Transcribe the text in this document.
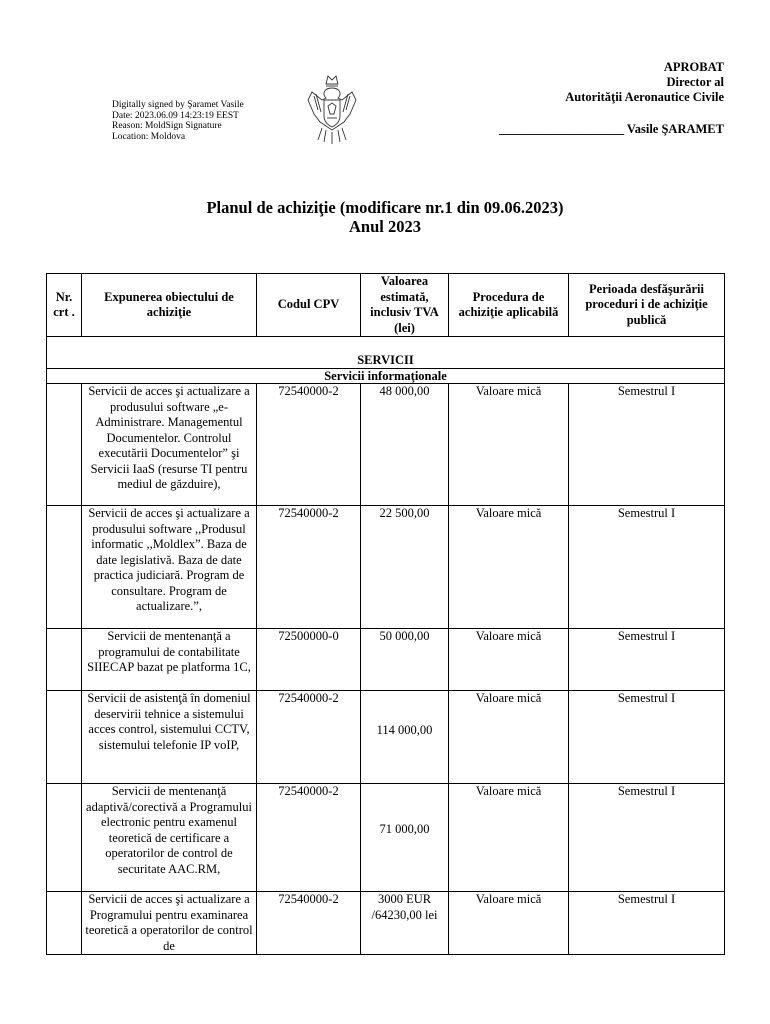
Digitally signed by Şaramet Vasile
Date: 2023.06.09 14:23:19 EEST
Reason: MoldSign Signature
Location: Moldova
APROBAT
Director al
Autorităţii Aeronautice Civile
____________________ Vasile ŞARAMET
Planul de achiziţie (modificare nr.1 din 09.06.2023)
Anul 2023
Nr. crt .	Expunerea obiectului de achiziţie	Codul CPV	Valoarea estimată, inclusiv TVA (lei)	Procedura de achiziţie aplicabilă	Perioada desfăşurării proceduri i de achiziţie publică

SERVICII					
Servicii informaţionale					
	Servicii de acces şi actualizare a produsului software „e-Administrare. Managementul Documentelor. Controlul executării Documentelor” şi Servicii IaaS (resurse TI pentru mediul de găzduire),	72540000-2	48 000,00	Valoare mică	Semestrul I
	Servicii de acces şi actualizare a produsului software ,,Produsul informatic ,,Moldlex”. Baza de date legislativă. Baza de date practica judiciară. Program de consultare. Program de actualizare.”,	72540000-2	22 500,00	Valoare mică	Semestrul I
	Servicii de mentenanţă a programului de contabilitate SIIECAP bazat pe platforma 1C,	72500000-0	50 000,00	Valoare mică	Semestrul I
	Servicii de asistenţă în domeniul deservirii tehnice a sistemului acces control, sistemului CCTV, sistemului telefonie IP voIP,	72540000-2	114 000,00	Valoare mică	Semestrul I
	Servicii de mentenanţă adaptivă/corectivă a Programului electronic pentru examenul teoretică de certificare a operatorilor de control de securitate AAC.RM,	72540000-2	71 000,00	Valoare mică	Semestrul I
	Servicii de acces şi actualizare a Programului pentru examinarea teoretică a operatorilor de control de	72540000-2	3000 EUR /64230,00 lei	Valoare mică	Semestrul I
